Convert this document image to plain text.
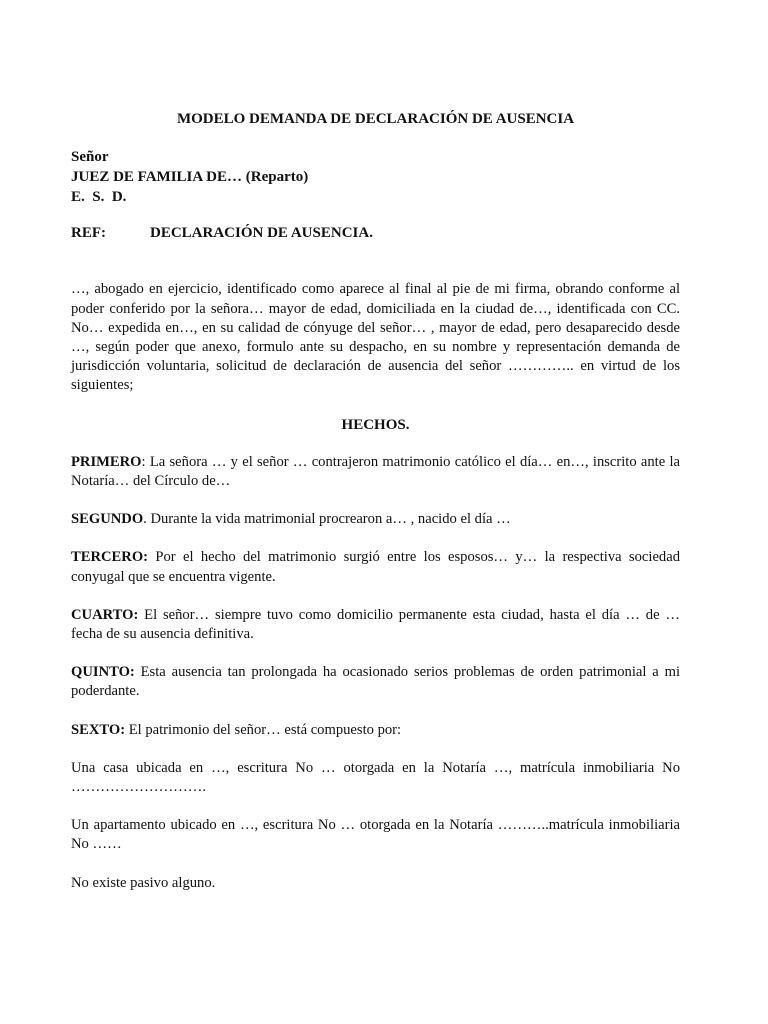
MODELO DEMANDA DE DECLARACIÓN DE AUSENCIA
Señor
JUEZ DE FAMILIA DE… (Reparto)
E.  S.  D.
REF:	DECLARACIÓN DE AUSENCIA.

…, abogado en ejercicio, identificado como aparece al final al pie de mi firma, obrando conforme al poder conferido por la señora… mayor de edad, domiciliada en la ciudad de…, identificada con CC. No… expedida en…, en su calidad de cónyuge del señor… , mayor de edad, pero desaparecido desde …, según poder que anexo, formulo ante su despacho, en su nombre y representación demanda de jurisdicción voluntaria, solicitud de declaración de ausencia del señor ………….. en virtud de los siguientes;

HECHOS.

PRIMERO: La señora … y el señor … contrajeron matrimonio católico el día… en…, inscrito ante la Notaría… del Círculo de…

SEGUNDO. Durante la vida matrimonial procrearon a… , nacido el día …

TERCERO: Por el hecho del matrimonio surgió entre los esposos… y… la respectiva sociedad conyugal que se encuentra vigente.

CUARTO: El señor… siempre tuvo como domicilio permanente esta ciudad, hasta el día … de … fecha de su ausencia definitiva.

QUINTO: Esta ausencia tan prolongada ha ocasionado serios problemas de orden patrimonial a mi poderdante.

SEXTO: El patrimonio del señor… está compuesto por:

Una casa ubicada en …, escritura No … otorgada en la Notaría …, matrícula inmobiliaria No ……………………….

Un apartamento ubicado en …, escritura No … otorgada en la Notaría ………..matrícula inmobiliaria No ……

No existe pasivo alguno.
